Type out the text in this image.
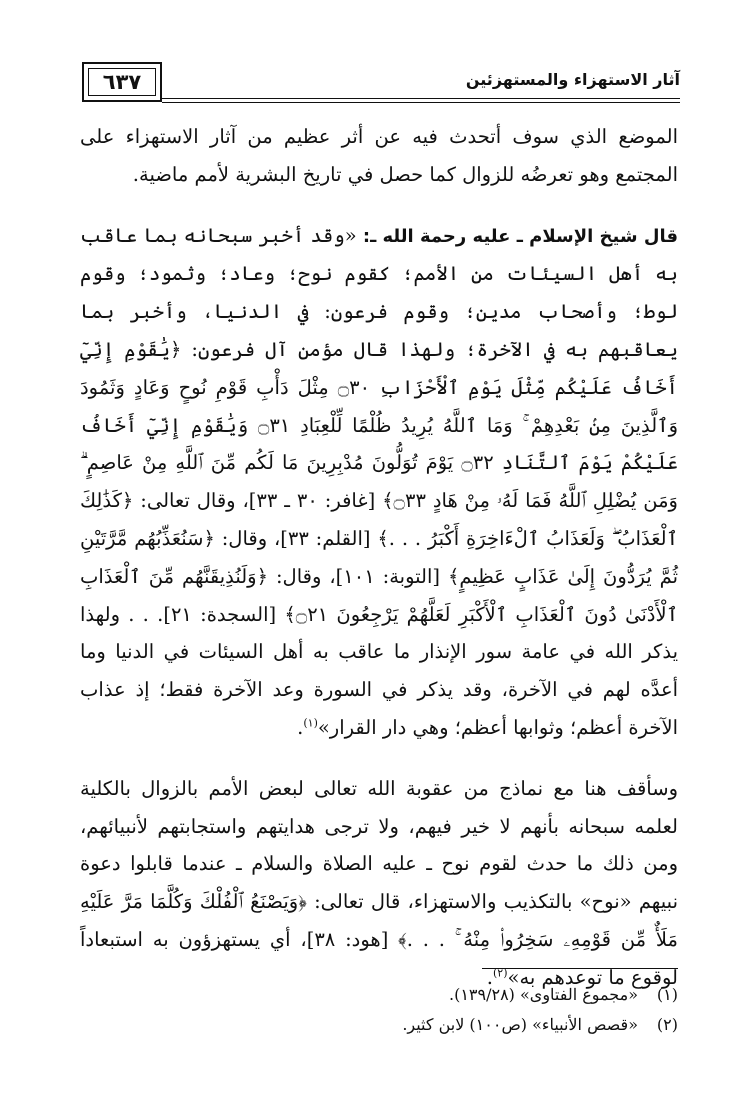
٦٣٧	آثار الاستهزاء والمستهزئين

الموضع الذي سوف أتحدث فيه عن أثر عظيم من آثار الاستهزاء على المجتمع وهو تعرضُه للزوال كما حصل في تاريخ البشرية لأمم ماضية.

قال شيخ الإسلام ـ عليه رحمة الله ـ: «وقد أخبر سبحانه بما عاقب به أهل السيئات من الأمم؛ كقوم نوح؛ وعاد؛ وثمود؛ وقوم لوط؛ وأصحاب مدين؛ وقوم فرعون: في الدنيا، وأخبر بما يعاقبهم به في الآخرة؛ ولهذا قال مؤمن آل فرعون: ﴿يَٰقَوْمِ إِنِّيٓ أَخَافُ عَلَيْكُم مِّثْلَ يَوْمِ ٱلْأَحْزَابِ ۝٣٠ مِثْلَ دَأْبِ قَوْمِ نُوحٍ وَعَادٍ وَثَمُودَ وَٱلَّذِينَ مِنۢ بَعْدِهِمْ ۚ وَمَا ٱللَّهُ يُرِيدُ ظُلْمًا لِّلْعِبَادِ ۝٣١ وَيَٰقَوْمِ إِنِّيٓ أَخَافُ عَلَيْكُمْ يَوْمَ ٱلتَّنَادِ ۝٣٢ يَوْمَ تُوَلُّونَ مُدْبِرِينَ مَا لَكُم مِّنَ ٱللَّهِ مِنْ عَاصِمٍ ۗ وَمَن يُضْلِلِ ٱللَّهُ فَمَا لَهُۥ مِنْ هَادٍ ۝٣٣﴾ [غافر: ٣٠ ـ ٣٣]، وقال تعالى: ﴿كَذَٰلِكَ ٱلْعَذَابُ ۖ وَلَعَذَابُ ٱلْءَاخِرَةِ أَكْبَرُ . . .﴾ [القلم: ٣٣]، وقال: ﴿سَنُعَذِّبُهُم مَّرَّتَيْنِ ثُمَّ يُرَدُّونَ إِلَىٰ عَذَابٍ عَظِيمٍ﴾ [التوبة: ١٠١]، وقال: ﴿وَلَنُذِيقَنَّهُم مِّنَ ٱلْعَذَابِ ٱلْأَدْنَىٰ دُونَ ٱلْعَذَابِ ٱلْأَكْبَرِ لَعَلَّهُمْ يَرْجِعُونَ ۝٢١﴾ [السجدة: ٢١]. . . ولهذا يذكر الله في عامة سور الإنذار ما عاقب به أهل السيئات في الدنيا وما أعدَّه لهم في الآخرة، وقد يذكر في السورة وعد الآخرة فقط؛ إذ عذاب الآخرة أعظم؛ وثوابها أعظم؛ وهي دار القرار»$^{(١)}$.

وسأقف هنا مع نماذج من عقوبة الله تعالى لبعض الأمم بالزوال بالكلية لعلمه سبحانه بأنهم لا خير فيهم، ولا ترجى هدايتهم واستجابتهم لأنبيائهم، ومن ذلك ما حدث لقوم نوح ـ عليه الصلاة والسلام ـ عندما قابلوا دعوة نبيهم «نوح» بالتكذيب والاستهزاء، قال تعالى: ﴿وَيَصْنَعُ ٱلْفُلْكَ وَكُلَّمَا مَرَّ عَلَيْهِ مَلَأٌ مِّن قَوْمِهِۦ سَخِرُوا۟ مِنْهُ ۚ . . .﴾ [هود: ٣٨]، أي يستهزؤون به استبعاداً لوقوع ما توعدهم به»$^{(٢)}$.

(١)
«مجموع الفتاوى» (١٣٩/٢٨).
(٢)
«قصص الأنبياء» (ص١٠٠) لابن كثير.
